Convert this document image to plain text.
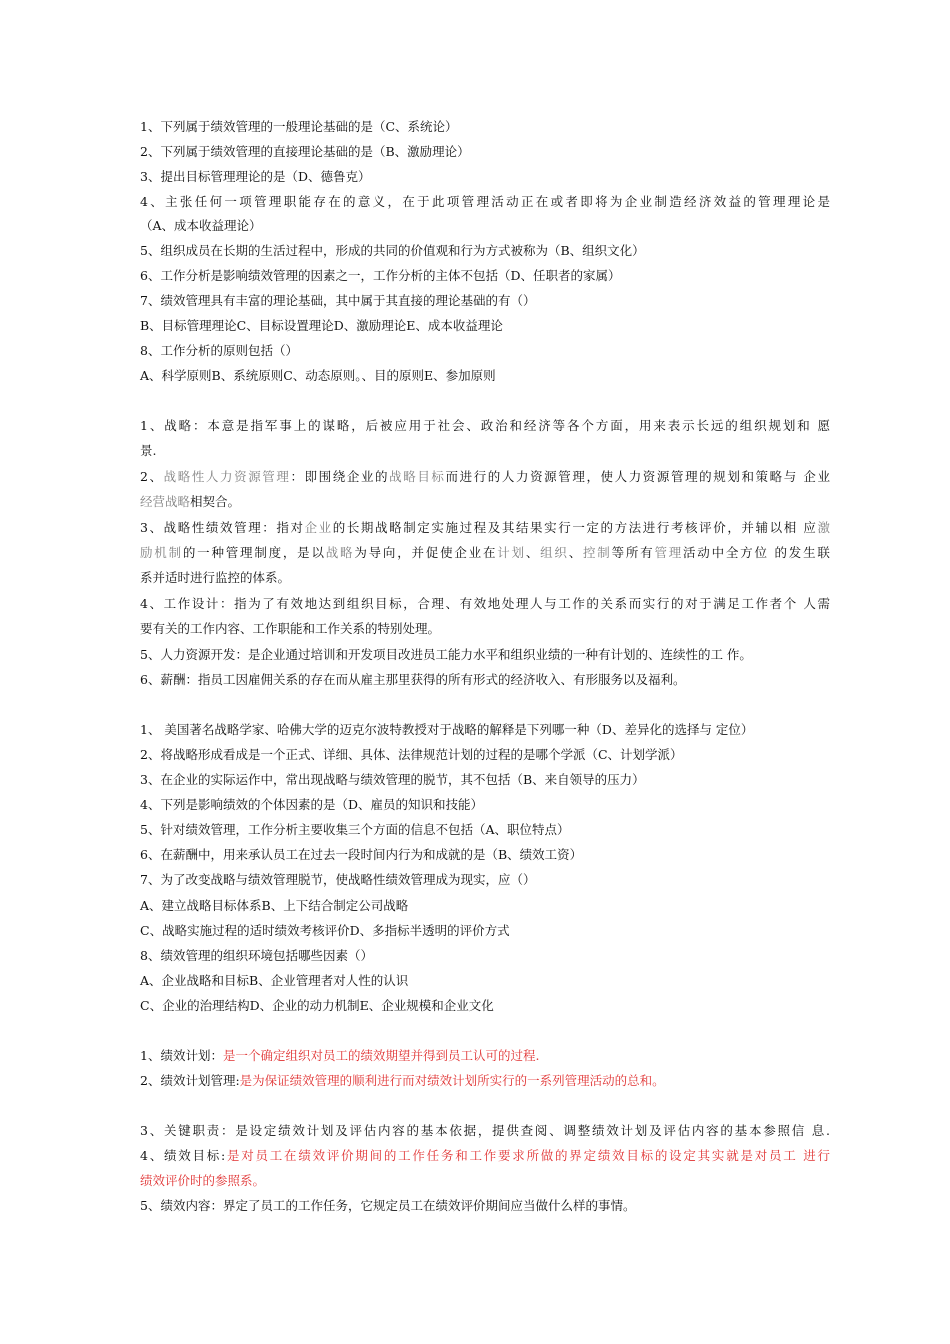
1、下列属于绩效管理的一般理论基础的是（C、系统论）
2、下列属于绩效管理的直接理论基础的是（B、激励理论）
3、提出目标管理理论的是（D、德鲁克）
4、主张任何一项管理职能存在的意义，在于此项管理活动正在或者即将为企业制造经济效益的管理理论是
（A、成本收益理论）
5、组织成员在长期的生活过程中，形成的共同的价值观和行为方式被称为（B、组织文化）
6、工作分析是影响绩效管理的因素之一，工作分析的主体不包括（D、任职者的家属）
7、绩效管理具有丰富的理论基础，其中属于其直接的理论基础的有（）
B、目标管理理论C、目标设置理论D、激励理论E、成本收益理论
8、工作分析的原则包括（）
A、科学原则B、系统原则C、动态原则。、目的原则E、参加原则
1、战略：本意是指军事上的谋略，后被应用于社会、政治和经济等各个方面，用来表示长远的组织规划和 愿
景.
2、战略性人力资源管理：即围绕企业的战略目标而进行的人力资源管理，使人力资源管理的规划和策略与 企业
经营战略相契合。
3、战略性绩效管理：指对企业的长期战略制定实施过程及其结果实行一定的方法进行考核评价，并辅以相 应激
励机制的一种管理制度，是以战略为导向，并促使企业在计划、组织、控制等所有管理活动中全方位 的发生联
系并适时进行监控的体系。
4、工作设计：指为了有效地达到组织目标，合理、有效地处理人与工作的关系而实行的对于满足工作者个 人需
要有关的工作内容、工作职能和工作关系的特别处理。
5、人力资源开发：是企业通过培训和开发项目改进员工能力水平和组织业绩的一种有计划的、连续性的工 作。
6、薪酬：指员工因雇佣关系的存在而从雇主那里获得的所有形式的经济收入、有形服务以及福利。
1、 美国著名战略学家、哈佛大学的迈克尔波特教授对于战略的解释是下列哪一种（D、差异化的选择与 定位）
2、将战略形成看成是一个正式、详细、具体、法律规范计划的过程的是哪个学派（C、计划学派）
3、在企业的实际运作中，常出现战略与绩效管理的脱节，其不包括（B、来自领导的压力）
4、下列是影响绩效的个体因素的是（D、雇员的知识和技能）
5、针对绩效管理，工作分析主要收集三个方面的信息不包括（A、职位特点）
6、在薪酬中，用来承认员工在过去一段时间内行为和成就的是（B、绩效工资）
7、为了改变战略与绩效管理脱节，使战略性绩效管理成为现实，应（）
A、建立战略目标体系B、上下结合制定公司战略
C、战略实施过程的适时绩效考核评价D、多指标半透明的评价方式
8、绩效管理的组织环境包括哪些因素（）
A、企业战略和目标B、企业管理者对人性的认识
C、企业的治理结构D、企业的动力机制E、企业规模和企业文化
1、绩效计划：是一个确定组织对员工的绩效期望并得到员工认可的过程.
2、绩效计划管理:是为保证绩效管理的顺利进行而对绩效计划所实行的一系列管理活动的总和。
3、关键职责：是设定绩效计划及评估内容的基本依据，提供查阅、调整绩效计划及评估内容的基本参照信 息.
4、绩效目标:是对员工在绩效评价期间的工作任务和工作要求所做的界定绩效目标的设定其实就是对员工 进行
绩效评价时的参照系。
5、绩效内容：界定了员工的工作任务，它规定员工在绩效评价期间应当做什么样的事情。
